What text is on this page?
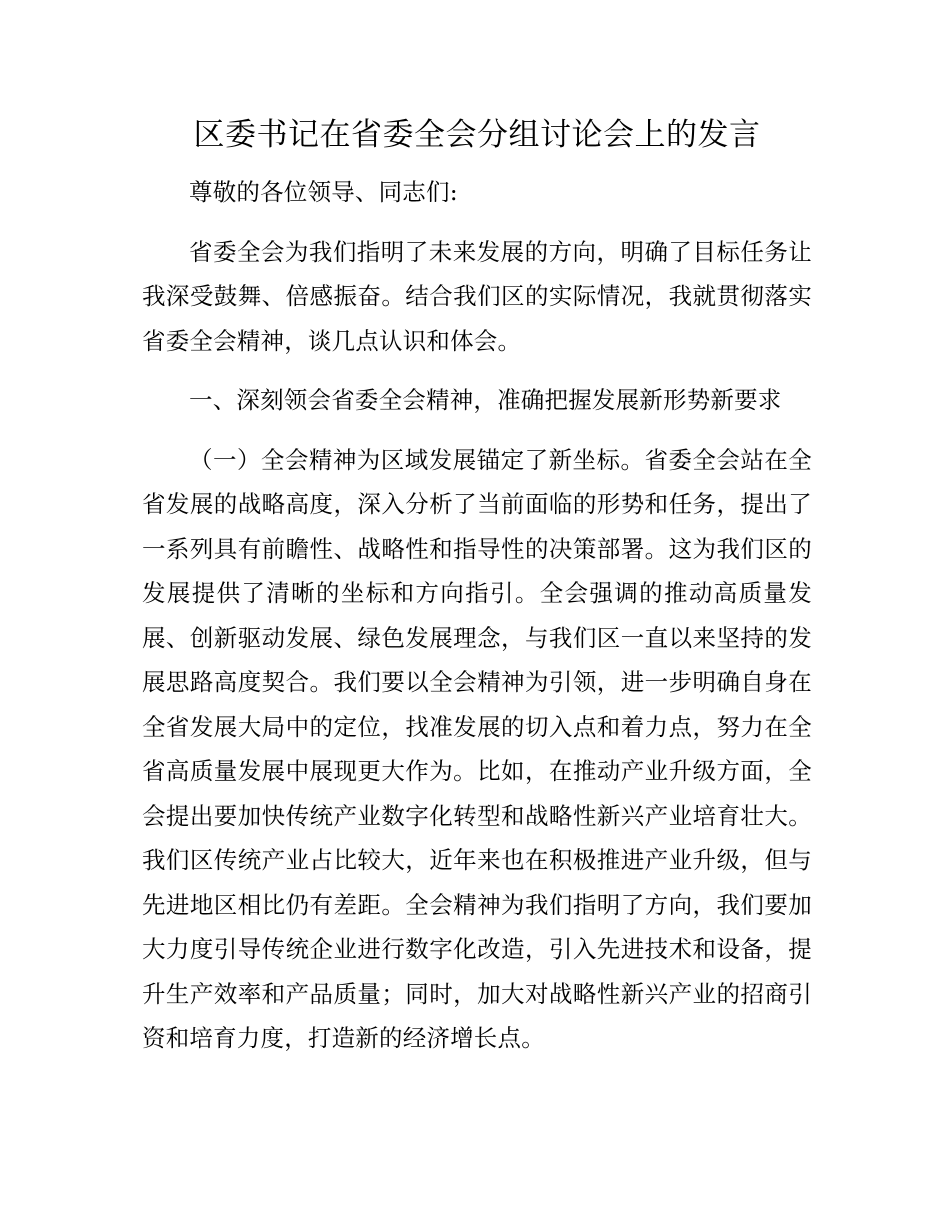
区委书记在省委全会分组讨论会上的发言

尊敬的各位领导、同志们:

省委全会为我们指明了未来发展的方向，明确了目标任务让我深受鼓舞、倍感振奋。结合我们区的实际情况，我就贯彻落实省委全会精神，谈几点认识和体会。

一、深刻领会省委全会精神，准确把握发展新形势新要求

（一）全会精神为区域发展锚定了新坐标。省委全会站在全省发展的战略高度，深入分析了当前面临的形势和任务，提出了一系列具有前瞻性、战略性和指导性的决策部署。这为我们区的发展提供了清晰的坐标和方向指引。全会强调的推动高质量发展、创新驱动发展、绿色发展理念，与我们区一直以来坚持的发展思路高度契合。我们要以全会精神为引领，进一步明确自身在全省发展大局中的定位，找准发展的切入点和着力点，努力在全省高质量发展中展现更大作为。比如，在推动产业升级方面，全会提出要加快传统产业数字化转型和战略性新兴产业培育壮大。我们区传统产业占比较大，近年来也在积极推进产业升级，但与先进地区相比仍有差距。全会精神为我们指明了方向，我们要加大力度引导传统企业进行数字化改造，引入先进技术和设备，提升生产效率和产品质量；同时，加大对战略性新兴产业的招商引资和培育力度，打造新的经济增长点。
